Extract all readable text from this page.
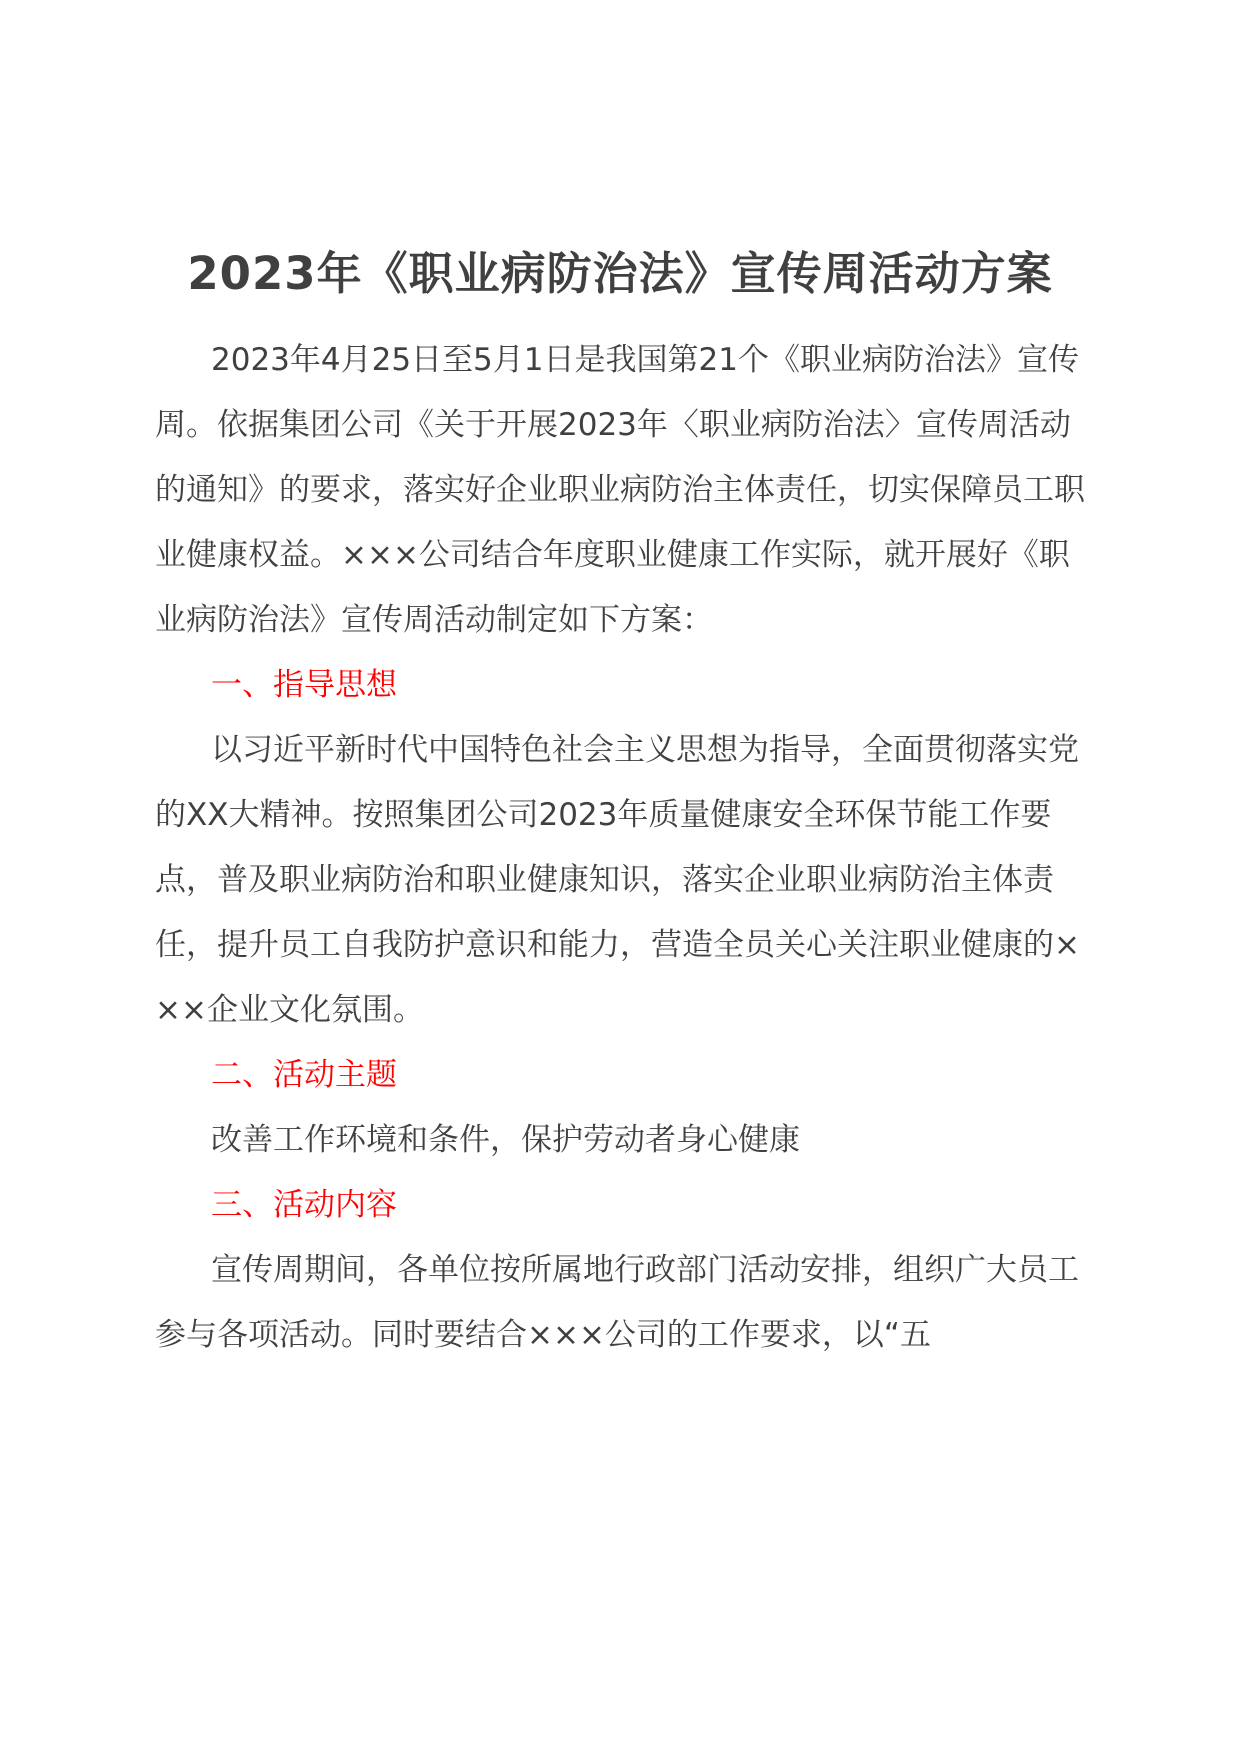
2023年《职业病防治法》宣传周活动方案

2023年4月25日至5月1日是我国第21个《职业病防治法》宣传周。依据集团公司《关于开展2023年〈职业病防治法〉宣传周活动的通知》的要求，落实好企业职业病防治主体责任，切实保障员工职业健康权益。×××公司结合年度职业健康工作实际，就开展好《职业病防治法》宣传周活动制定如下方案：

一、指导思想

以习近平新时代中国特色社会主义思想为指导，全面贯彻落实党的XX大精神。按照集团公司2023年质量健康安全环保节能工作要点，普及职业病防治和职业健康知识，落实企业职业病防治主体责任，提升员工自我防护意识和能力，营造全员关心关注职业健康的×××企业文化氛围。

二、活动主题

改善工作环境和条件，保护劳动者身心健康

三、活动内容

宣传周期间，各单位按所属地行政部门活动安排，组织广大员工参与各项活动。同时要结合×××公司的工作要求，以“五
